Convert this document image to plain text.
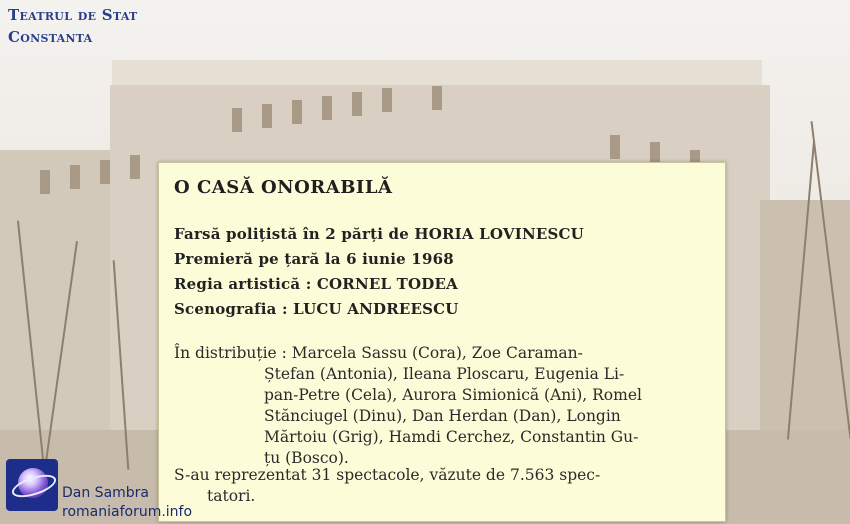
Teatrul de Stat
Constanta
O CASĂ ONORABILĂ
Farsă polițistă în 2 părți de HORIA LOVINESCU
Premieră pe țară la 6 iunie 1968
Regia artistică : CORNEL TODEA
Scenografia : LUCU ANDREESCU
În distribuție : Marcela Sassu (Cora), Zoe Caraman-
Ștefan (Antonia), Ileana Ploscaru, Eugenia Li-
pan-Petre (Cela), Aurora Simionică (Ani), Romel
Stănciugel (Dinu), Dan Herdan (Dan), Longin
Mărtoiu (Grig), Hamdi Cerchez, Constantin Gu-
țu (Bosco).
S-au reprezentat 31 spectacole, văzute de 7.563 spec-
tatori.
Dan Sambra
romaniaforum.info
